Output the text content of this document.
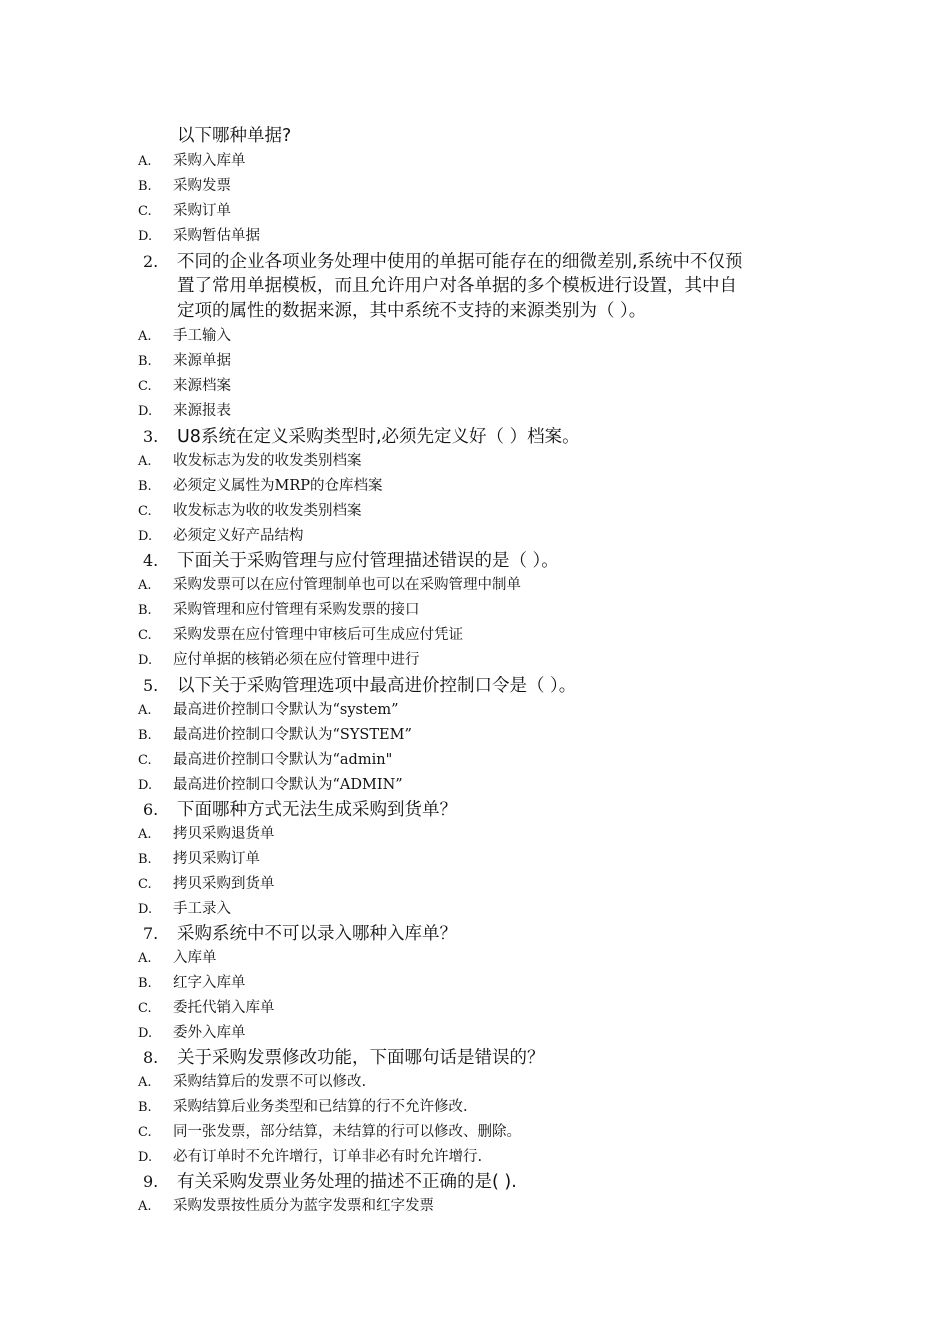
以下哪种单据?
A. 采购入库单
B. 采购发票
C. 采购订单
D. 采购暂估单据
2. 不同的企业各项业务处理中使用的单据可能存在的细微差别,系统中不仅预
置了常用单据模板，而且允许用户对各单据的多个模板进行设置，其中自
定项的属性的数据来源，其中系统不支持的来源类别为（ ）。
A. 手工输入
B. 来源单据
C. 来源档案
D. 来源报表
3. U8系统在定义采购类型时,必须先定义好（ ）档案。
A. 收发标志为发的收发类别档案
B. 必须定义属性为MRP的仓库档案
C. 收发标志为收的收发类别档案
D. 必须定义好产品结构
4. 下面关于采购管理与应付管理描述错误的是（ ）。
A. 采购发票可以在应付管理制单也可以在采购管理中制单
B. 采购管理和应付管理有采购发票的接口
C. 采购发票在应付管理中审核后可生成应付凭证
D. 应付单据的核销必须在应付管理中进行
5. 以下关于采购管理选项中最高进价控制口令是（ ）。
A. 最高进价控制口令默认为“system”
B. 最高进价控制口令默认为“SYSTEM”
C. 最高进价控制口令默认为“admin"
D. 最高进价控制口令默认为“ADMIN”
6. 下面哪种方式无法生成采购到货单？
A. 拷贝采购退货单
B. 拷贝采购订单
C. 拷贝采购到货单
D. 手工录入
7. 采购系统中不可以录入哪种入库单？
A. 入库单
B. 红字入库单
C. 委托代销入库单
D. 委外入库单
8. 关于采购发票修改功能，下面哪句话是错误的？
A. 采购结算后的发票不可以修改.
B. 采购结算后业务类型和已结算的行不允许修改.
C. 同一张发票，部分结算，未结算的行可以修改、删除。
D. 必有订单时不允许增行，订单非必有时允许增行.
9. 有关采购发票业务处理的描述不正确的是( ).
A. 采购发票按性质分为蓝字发票和红字发票
